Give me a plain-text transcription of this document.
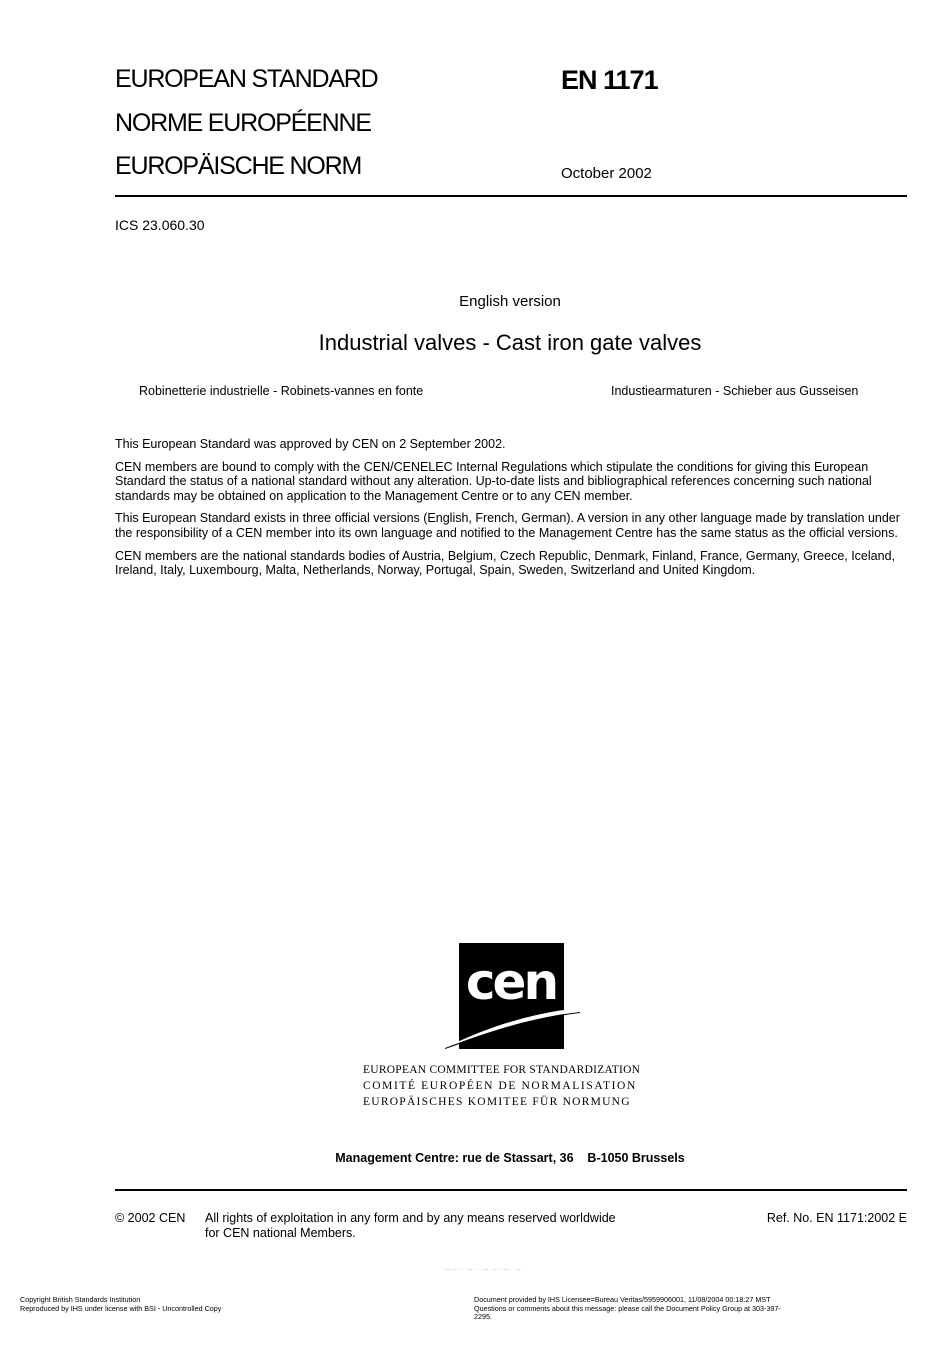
EUROPEAN STANDARD
NORME EUROPÉENNE
EUROPÄISCHE NORM
EN 1171
October 2002
ICS 23.060.30
English version
Industrial valves - Cast iron gate valves
Robinetterie industrielle - Robinets-vannes en fonte	Industiearmaturen - Schieber aus Gusseisen

This European Standard was approved by CEN on 2 September 2002.

CEN members are bound to comply with the CEN/CENELEC Internal Regulations which stipulate the conditions for giving this European Standard the status of a national standard without any alteration. Up-to-date lists and bibliographical references concerning such national standards may be obtained on application to the Management Centre or to any CEN member.

This European Standard exists in three official versions (English, French, German). A version in any other language made by translation under the responsibility of a CEN member into its own language and notified to the Management Centre has the same status as the official versions.

CEN members are the national standards bodies of Austria, Belgium, Czech Republic, Denmark, Finland, France, Germany, Greece, Iceland, Ireland, Italy, Luxembourg, Malta, Netherlands, Norway, Portugal, Spain, Sweden, Switzerland and United Kingdom.

cen
EUROPEAN COMMITTEE FOR STANDARDIZATION
COMITÉ EUROPÉEN DE NORMALISATION
EUROPÄISCHES KOMITEE FÜR NORMUNG
Management Centre: rue de Stassart, 36    B-1050 Brussels
© 2002 CEN All rights of exploitation in any form and by any means reserved worldwide for CEN national Members.
Ref. No. EN 1171:2002 E
·–·–·· ·–·· ·–· –··–·· –·
Copyright British Standards Institution
Reproduced by IHS under license with BSI - Uncontrolled Copy
Document provided by IHS Licensee=Bureau Veritas/5959906001, 11/08/2004 00:18:27 MST Questions or comments about this message: please call the Document Policy Group at 303-397-2295.
